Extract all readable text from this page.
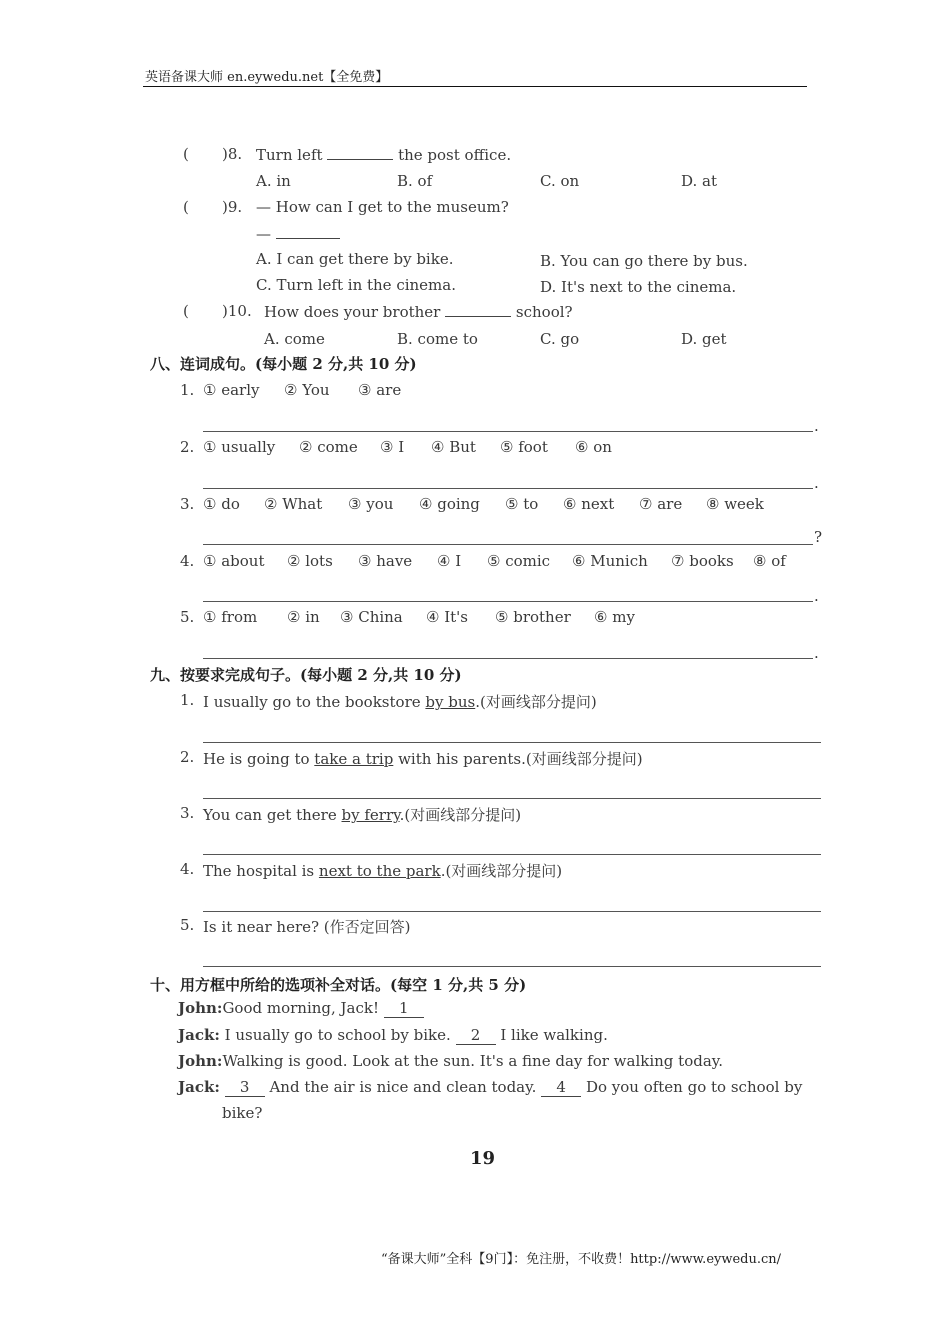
英语备课大师 en.eywedu.net【全免费】
( )8. Turn left	the post office.
A. in	B. of	C. on	D. at
( )9. — How can I get to the museum?
—
A. I can get there by bike.	B. You can go there by bus.
C. Turn left in the cinema.	D. It's next to the cinema.
( )10. How does your brother	school?
A. come	B. come to	C. go	D. get
八、连词成句。(每小题 2 分,共 10 分)
1. ① early ② You ③ are
.
2. ① usually ② come ③ I ④ But ⑤ foot ⑥ on
.
3. ① do ② What ③ you ④ going ⑤ to ⑥ next ⑦ are ⑧ week
?
4. ① about ② lots ③ have ④ I ⑤ comic ⑥ Munich ⑦ books ⑧ of
.
5. ① from ② in ③ China ④ It's ⑤ brother ⑥ my
.
九、按要求完成句子。(每小题 2 分,共 10 分)
1. I usually go to the bookstore by bus.(对画线部分提问)
2. He is going to take a trip with his parents.(对画线部分提问)
3. You can get there by ferry.(对画线部分提问)
4. The hospital is next to the park.(对画线部分提问)
5. Is it near here? (作否定回答)
十、用方框中所给的选项补全对话。(每空 1 分,共 5 分)
John:Good morning, Jack! 1
Jack: I usually go to school by bike. 2 I like walking.
John:Walking is good. Look at the sun. It's a fine day for walking today.
Jack: 3 And the air is nice and clean today. 4 Do you often go to school by
bike?
19
“备课大师”全科【9门】：免注册，不收费！http://www.eywedu.cn/
